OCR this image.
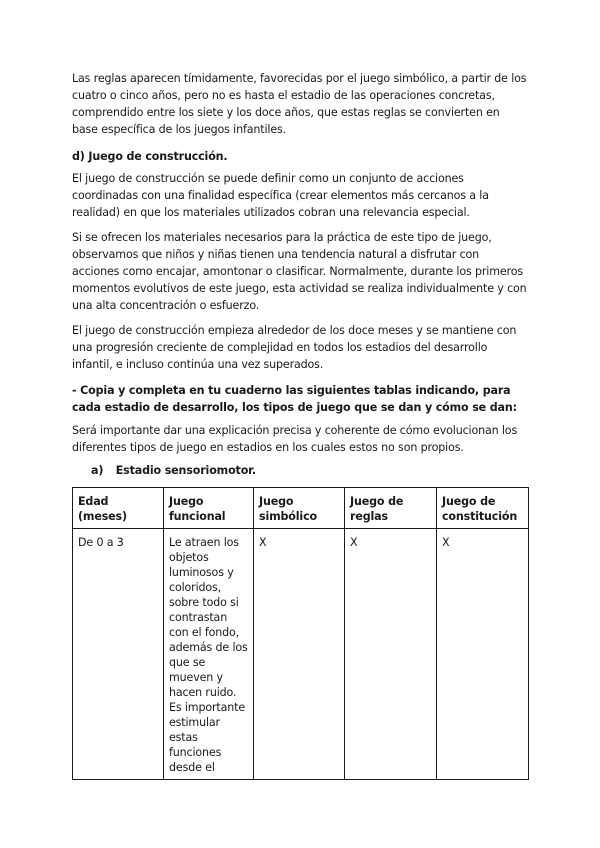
Las reglas aparecen tímidamente, favorecidas por el juego simbólico, a partir de los cuatro o cinco años, pero no es hasta el estadio de las operaciones concretas, comprendido entre los siete y los doce años, que estas reglas se convierten en base específica de los juegos infantiles.

d) Juego de construcción.

El juego de construcción se puede definir como un conjunto de acciones coordinadas con una finalidad específica (crear elementos más cercanos a la realidad) en que los materiales utilizados cobran una relevancia especial.

Si se ofrecen los materiales necesarios para la práctica de este tipo de juego, observamos que niños y niñas tienen una tendencia natural a disfrutar con acciones como encajar, amontonar o clasificar. Normalmente, durante los primeros momentos evolutivos de este juego, esta actividad se realiza individualmente y con una alta concentración o esfuerzo.

El juego de construcción empieza alrededor de los doce meses y se mantiene con una progresión creciente de complejidad en todos los estadios del desarrollo infantil, e incluso continúa una vez superados.

- Copia y completa en tu cuaderno las siguientes tablas indicando, para cada estadio de desarrollo, los tipos de juego que se dan y cómo se dan:

Será importante dar una explicación precisa y coherente de cómo evolucionan los diferentes tipos de juego en estadios en los cuales estos no son propios.

a) Estadio sensoriomotor.

Edad (meses)	Juego funcional	Juego simbólico	Juego de reglas	Juego de constitución
De 0 a 3	Le atraen los objetos luminosos y coloridos, sobre todo si contrastan con el fondo, además de los que se mueven y hacen ruido. Es importante estimular estas funciones desde el	X	X	X
